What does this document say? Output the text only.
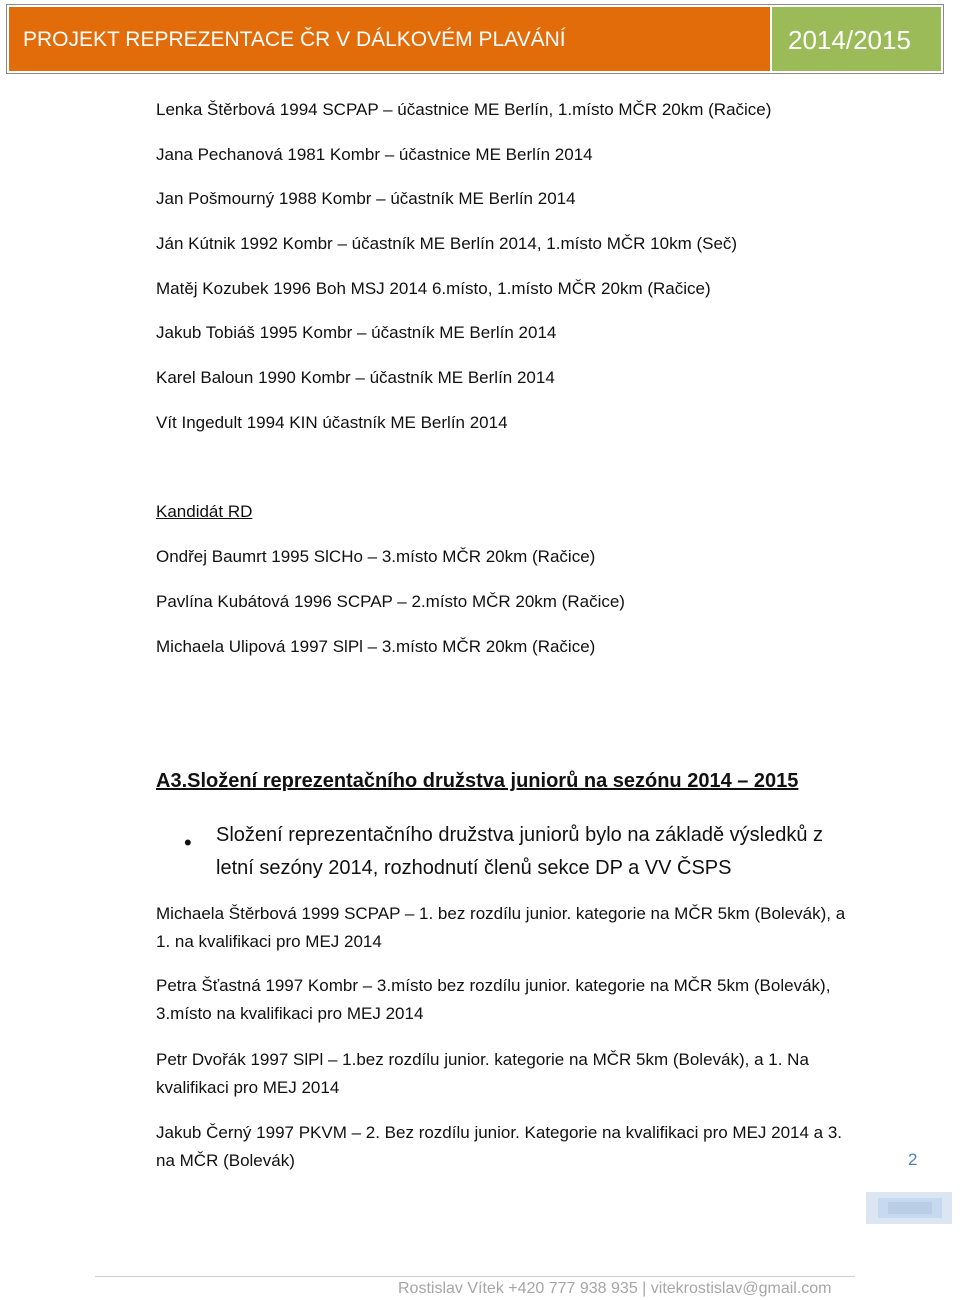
PROJEKT REPREZENTACE ČR V DÁLKOVÉM PLAVÁNÍ	2014/2015
Lenka Štěrbová 1994 SCPAP – účastnice ME Berlín, 1.místo MČR 20km (Račice)
Jana Pechanová 1981 Kombr – účastnice ME Berlín 2014
Jan Pošmourný 1988 Kombr – účastník ME Berlín 2014
Ján Kútnik 1992 Kombr – účastník ME Berlín 2014, 1.místo MČR 10km (Seč)
Matěj Kozubek 1996 Boh MSJ 2014 6.místo, 1.místo MČR 20km (Račice)
Jakub Tobiáš 1995 Kombr – účastník ME Berlín 2014
Karel Baloun 1990 Kombr – účastník ME Berlín 2014
Vít Ingedult 1994 KIN účastník ME Berlín 2014
Kandidát RD
Ondřej Baumrt 1995 SlCHo – 3.místo MČR 20km (Račice)
Pavlína Kubátová 1996 SCPAP – 2.místo MČR 20km (Račice)
Michaela Ulipová 1997 SlPl – 3.místo MČR 20km (Račice)
A3.Složení reprezentačního družstva juniorů na sezónu 2014 – 2015
• Složení reprezentačního družstva juniorů bylo na základě výsledků z letní sezóny 2014, rozhodnutí členů sekce DP a VV ČSPS
Michaela Štěrbová 1999 SCPAP – 1. bez rozdílu junior. kategorie na MČR 5km (Bolevák), a 1. na kvalifikaci pro MEJ 2014
Petra Šťastná 1997 Kombr – 3.místo bez rozdílu junior. kategorie na MČR 5km (Bolevák), 3.místo na kvalifikaci pro MEJ 2014
Petr Dvořák 1997 SlPl – 1.bez rozdílu junior. kategorie na MČR 5km (Bolevák), a 1. Na kvalifikaci pro MEJ 2014
Jakub Černý 1997 PKVM – 2. Bez rozdílu junior. Kategorie na kvalifikaci pro MEJ 2014 a 3. na MČR (Bolevák)	2
Rostislav Vítek +420 777 938 935 | vitekrostislav@gmail.com
